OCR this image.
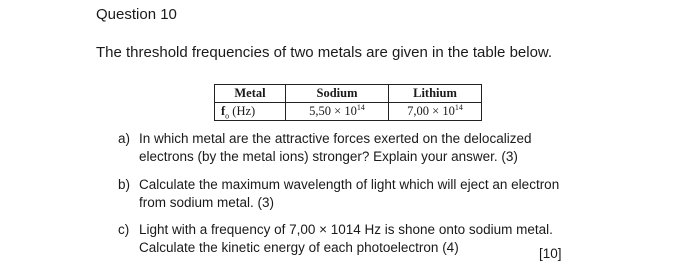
Question 10
The threshold frequencies of two metals are given in the table below.
Metal	Sodium	Lithium
$f_o$ (Hz)	$5,50 \times 10^{14}$	$7,00 \times 10^{14}$
a) In which metal are the attractive forces exerted on the delocalized
electrons (by the metal ions) stronger? Explain your answer. (3)
b) Calculate the maximum wavelength of light which will eject an electron
from sodium metal. (3)
c) Light with a frequency of 7,00 × 1014 Hz is shone onto sodium metal.
Calculate the kinetic energy of each photoelectron (4)	[10]
